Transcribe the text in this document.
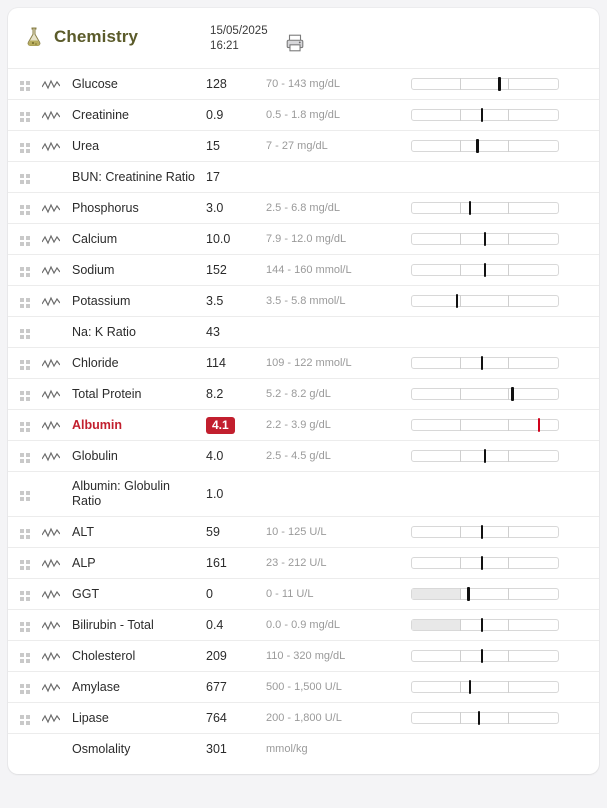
Chemistry	15/05/2025
16:21
Glucose	128	70 - 143 mg/dL
Creatinine	0.9	0.5 - 1.8 mg/dL
Urea	15	7 - 27 mg/dL
BUN: Creatinine Ratio 17
Phosphorus	3.0	2.5 - 6.8 mg/dL
Calcium	10.0	7.9 - 12.0 mg/dL
Sodium	152	144 - 160 mmol/L
Potassium	3.5	3.5 - 5.8 mmol/L
Na: K Ratio	43
Chloride	114	109 - 122 mmol/L
Total Protein	8.2	5.2 - 8.2 g/dL
Albumin	4.1	2.2 - 3.9 g/dL
Globulin	4.0	2.5 - 4.5 g/dL
Albumin: Globulin Ratio	1.0
ALT	59	10 - 125 U/L
ALP	161	23 - 212 U/L
GGT	0	0 - 11 U/L
Bilirubin - Total	0.4	0.0 - 0.9 mg/dL
Cholesterol	209	110 - 320 mg/dL
Amylase	677	500 - 1,500 U/L
Lipase	764	200 - 1,800 U/L
Osmolality	301	mmol/kg
